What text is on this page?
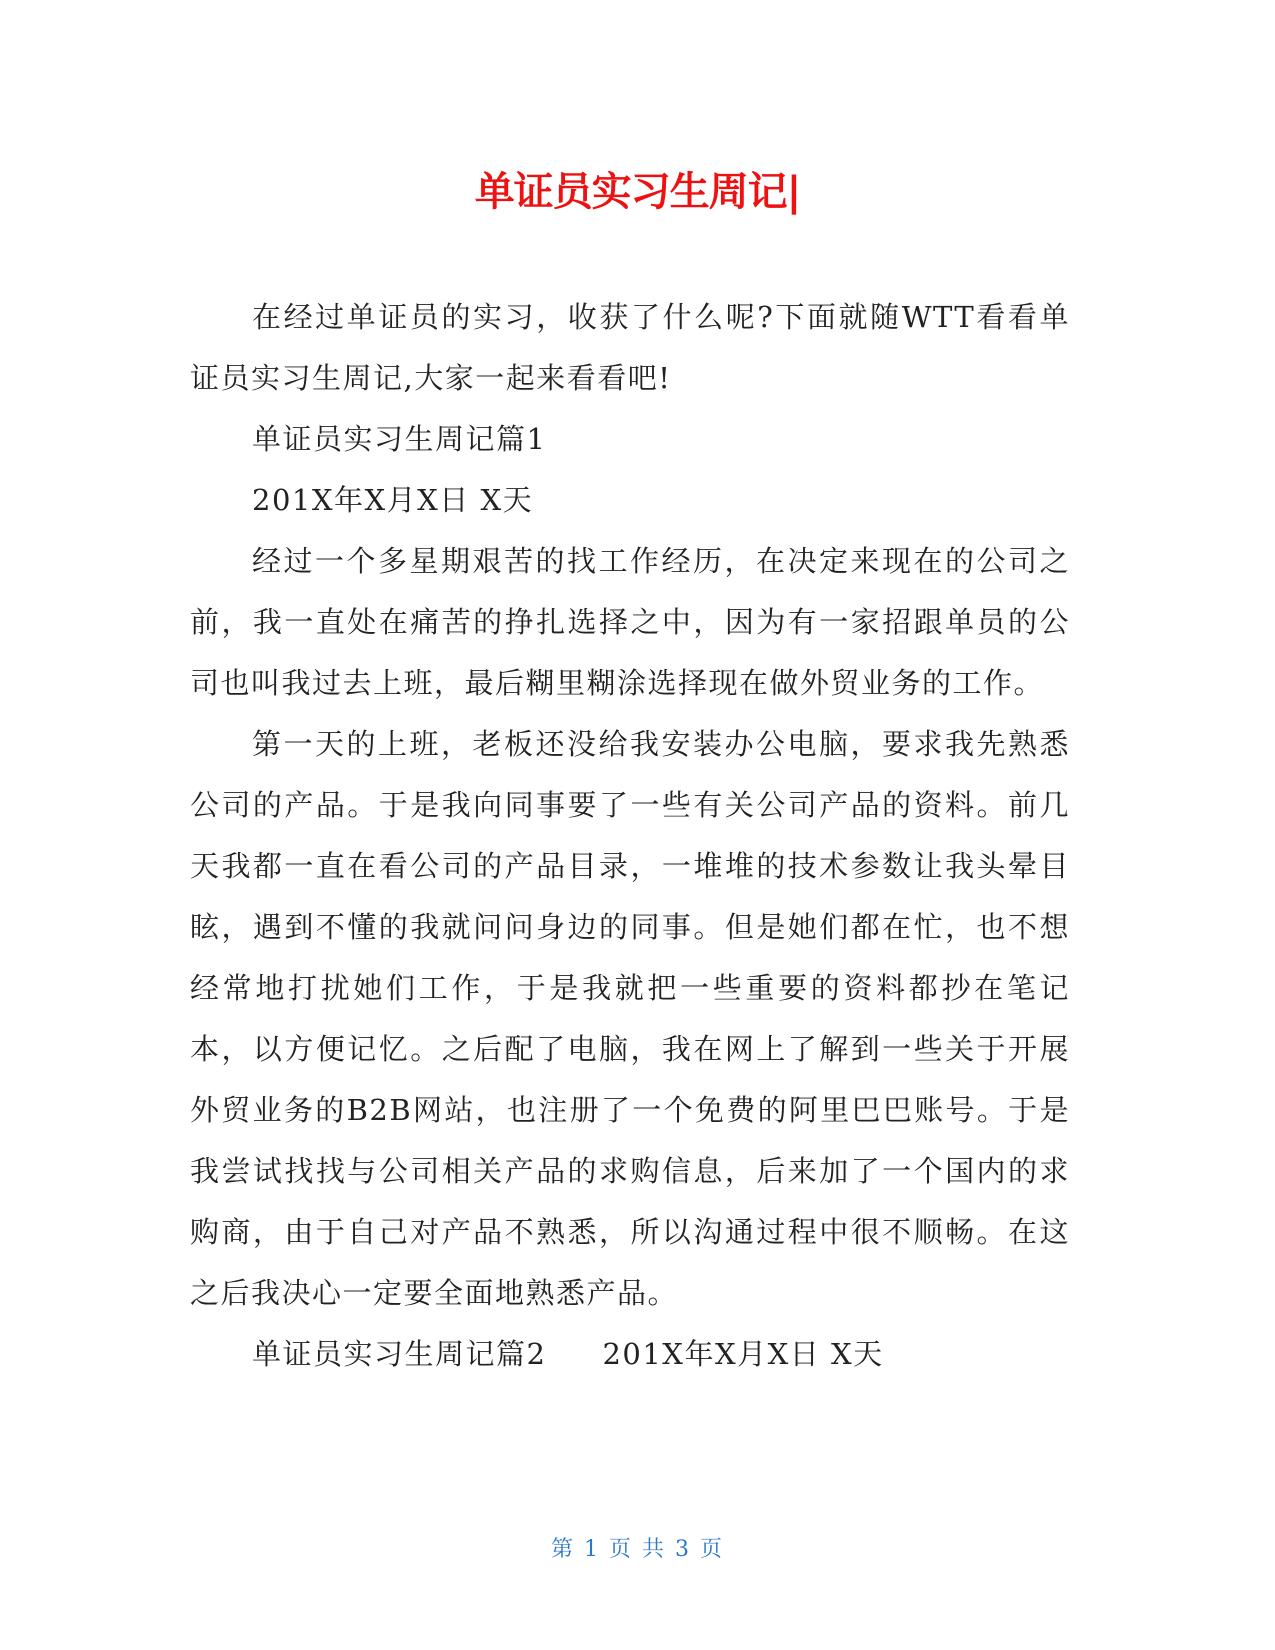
单证员实习生周记|

在经过单证员的实习，收获了什么呢?下面就随WTT看看单证员实习生周记,大家一起来看看吧!

单证员实习生周记篇1

201X年X月X日 X天

经过一个多星期艰苦的找工作经历，在决定来现在的公司之前，我一直处在痛苦的挣扎选择之中，因为有一家招跟单员的公司也叫我过去上班，最后糊里糊涂选择现在做外贸业务的工作。

第一天的上班，老板还没给我安装办公电脑，要求我先熟悉公司的产品。于是我向同事要了一些有关公司产品的资料。前几天我都一直在看公司的产品目录，一堆堆的技术参数让我头晕目眩，遇到不懂的我就问问身边的同事。但是她们都在忙，也不想经常地打扰她们工作，于是我就把一些重要的资料都抄在笔记本，以方便记忆。之后配了电脑，我在网上了解到一些关于开展外贸业务的B2B网站，也注册了一个免费的阿里巴巴账号。于是我尝试找找与公司相关产品的求购信息，后来加了一个国内的求购商，由于自己对产品不熟悉，所以沟通过程中很不顺畅。在这之后我决心一定要全面地熟悉产品。

单证员实习生周记篇2 201X年X月X日 X天

第 1 页 共 3 页
